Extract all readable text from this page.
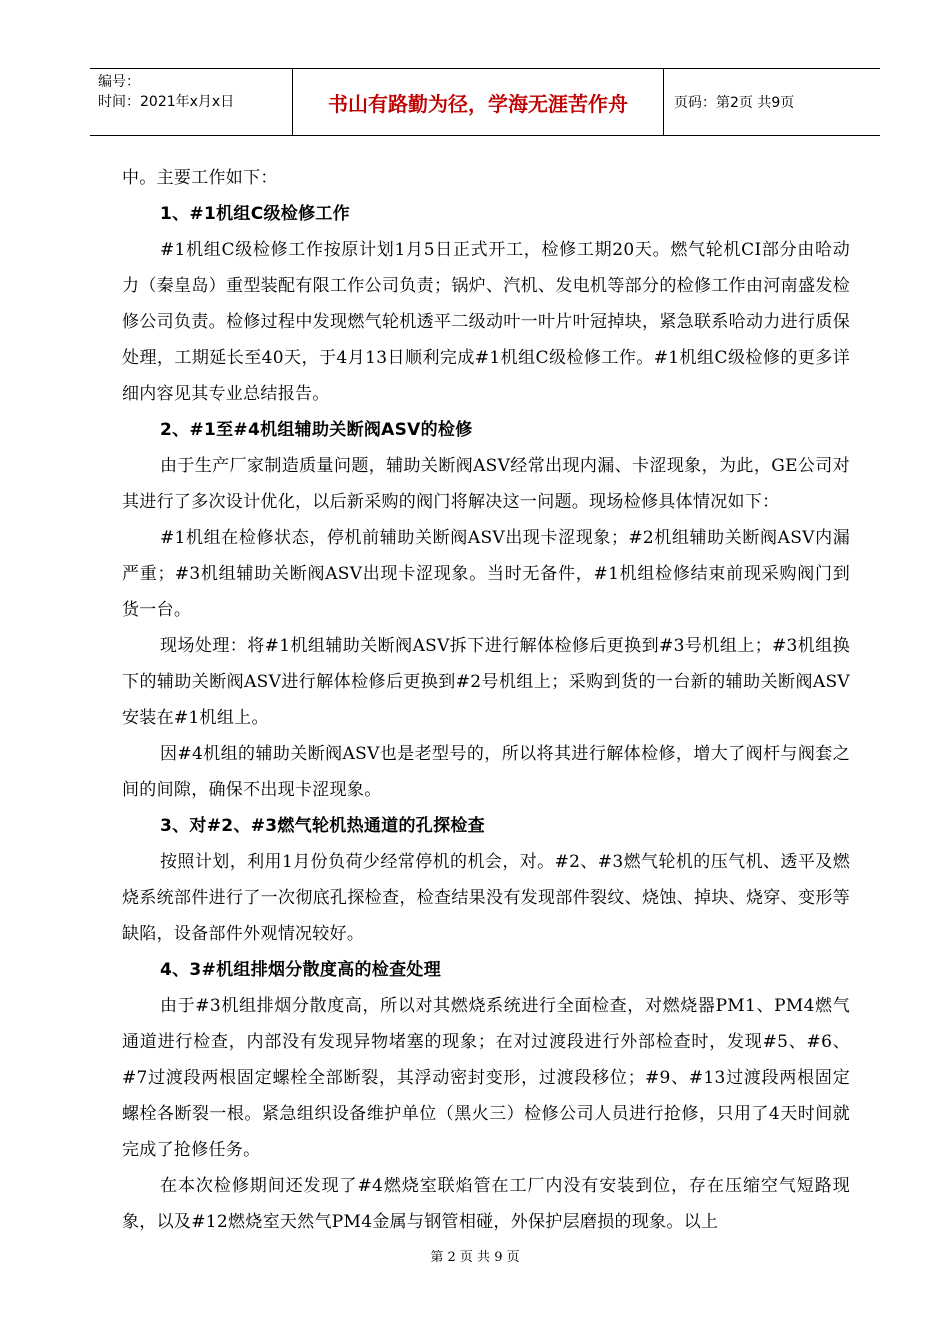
编号：
时间：2021年x月x日	书山有路勤为径，学海无涯苦作舟	页码：第2页 共9页

中。主要工作如下：

1、#1机组C级检修工作

#1机组C级检修工作按原计划1月5日正式开工，检修工期20天。燃气轮机CI部分由哈动力（秦皇岛）重型装配有限工作公司负责；锅炉、汽机、发电机等部分的检修工作由河南盛发检修公司负责。检修过程中发现燃气轮机透平二级动叶一叶片叶冠掉块，紧急联系哈动力进行质保处理，工期延长至40天，于4月13日顺利完成#1机组C级检修工作。#1机组C级检修的更多详细内容见其专业总结报告。

2、#1至#4机组辅助关断阀ASV的检修

由于生产厂家制造质量问题，辅助关断阀ASV经常出现内漏、卡涩现象，为此，GE公司对其进行了多次设计优化，以后新采购的阀门将解决这一问题。现场检修具体情况如下：

#1机组在检修状态，停机前辅助关断阀ASV出现卡涩现象；#2机组辅助关断阀ASV内漏严重；#3机组辅助关断阀ASV出现卡涩现象。当时无备件，#1机组检修结束前现采购阀门到货一台。

现场处理：将#1机组辅助关断阀ASV拆下进行解体检修后更换到#3号机组上；#3机组换下的辅助关断阀ASV进行解体检修后更换到#2号机组上；采购到货的一台新的辅助关断阀ASV安装在#1机组上。

因#4机组的辅助关断阀ASV也是老型号的，所以将其进行解体检修，增大了阀杆与阀套之间的间隙，确保不出现卡涩现象。

3、对#2、#3燃气轮机热通道的孔探检查

按照计划，利用1月份负荷少经常停机的机会，对。#2、#3燃气轮机的压气机、透平及燃烧系统部件进行了一次彻底孔探检查，检查结果没有发现部件裂纹、烧蚀、掉块、烧穿、变形等缺陷，设备部件外观情况较好。

4、3#机组排烟分散度高的检查处理

由于#3机组排烟分散度高，所以对其燃烧系统进行全面检查，对燃烧器PM1、PM4燃气通道进行检查，内部没有发现异物堵塞的现象；在对过渡段进行外部检查时，发现#5、#6、#7过渡段两根固定螺栓全部断裂，其浮动密封变形，过渡段移位；#9、#13过渡段两根固定螺栓各断裂一根。紧急组织设备维护单位（黑火三）检修公司人员进行抢修，只用了4天时间就完成了抢修任务。

在本次检修期间还发现了#4燃烧室联焰管在工厂内没有安装到位，存在压缩空气短路现象，以及#12燃烧室天然气PM4金属与钢管相碰，外保护层磨损的现象。以上

第 2 页 共 9 页
